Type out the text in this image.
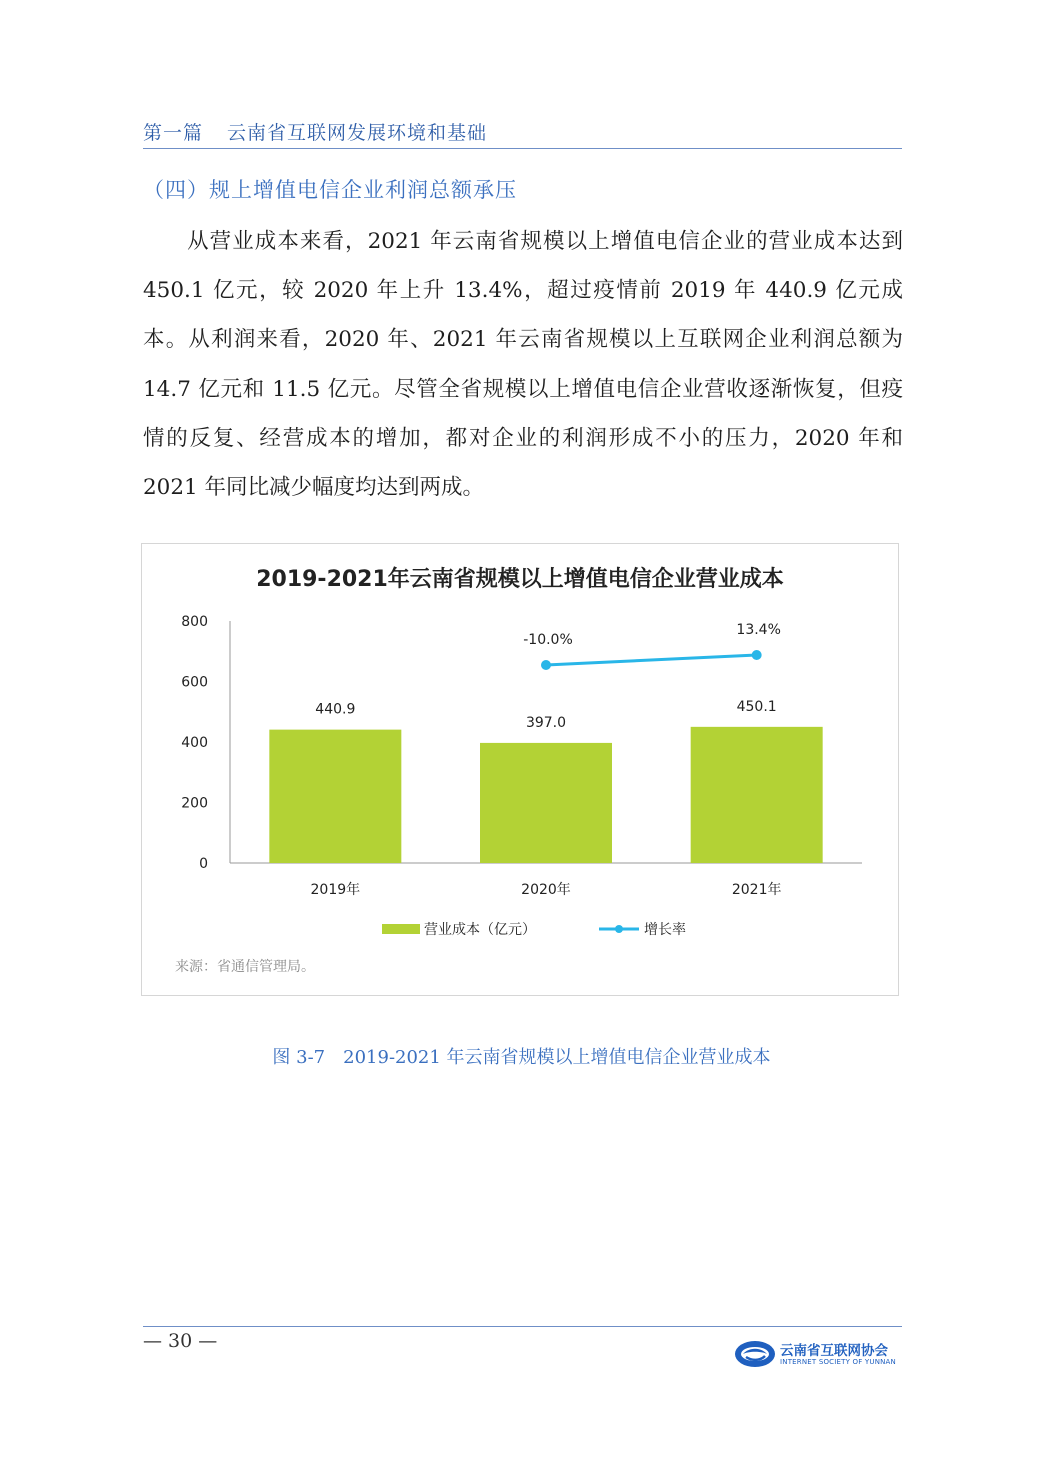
第一篇 云南省互联网发展环境和基础
（四）规上增值电信企业利润总额承压
从营业成本来看，2021 年云南省规模以上增值电信企业的营业成本达到 450.1 亿元，较 2020 年上升 13.4%，超过疫情前 2019 年 440.9 亿元成本。从利润来看，2020 年、2021 年云南省规模以上互联网企业利润总额为 14.7 亿元和 11.5 亿元。尽管全省规模以上增值电信企业营收逐渐恢复，但疫情的反复、经营成本的增加，都对企业的利润形成不小的压力，2020 年和 2021 年同比减少幅度均达到两成。
2019-2021年云南省规模以上增值电信企业营业成本
0
200
400
600
800
440.9
2019年
397.0
2020年
450.1
2021年
-10.0%
13.4%
营业成本（亿元）	增长率
来源：省通信管理局。
图 3-7　2019-2021 年云南省规模以上增值电信企业营业成本
— 30 —	云南省互联网协会
INTERNET SOCIETY OF YUNNAN
